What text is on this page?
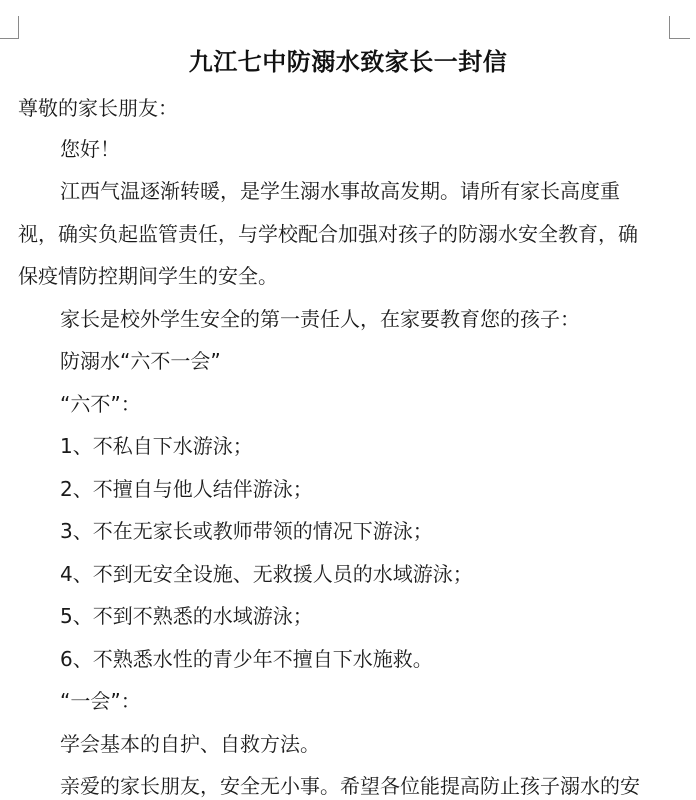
九江七中防溺水致家长一封信
尊敬的家长朋友：
您好！
江西气温逐渐转暖，是学生溺水事故高发期。请所有家长高度重
视，确实负起监管责任，与学校配合加强对孩子的防溺水安全教育，确
保疫情防控期间学生的安全。
家长是校外学生安全的第一责任人，在家要教育您的孩子：
防溺水“六不一会”
“六不”：
1、不私自下水游泳；
2、不擅自与他人结伴游泳；
3、不在无家长或教师带领的情况下游泳；
4、不到无安全设施、无救援人员的水域游泳；
5、不到不熟悉的水域游泳；
6、不熟悉水性的青少年不擅自下水施救。
“一会”：
学会基本的自护、自救方法。
亲爱的家长朋友，安全无小事。希望各位能提高防止孩子溺水的安
